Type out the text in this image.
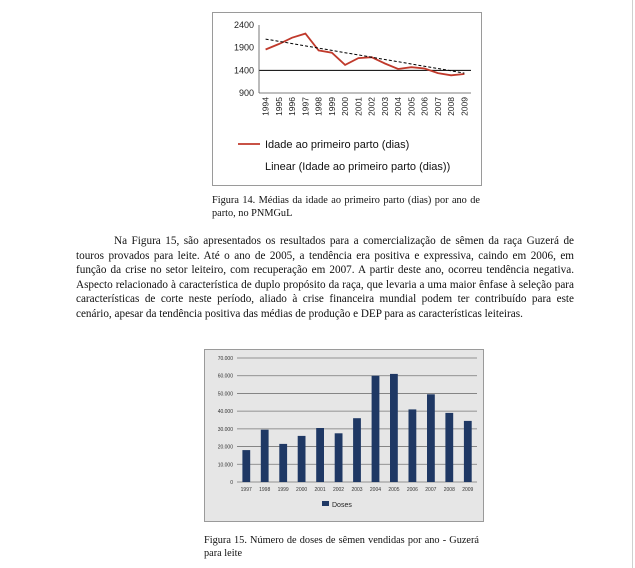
2400
1900
1400
900
1994 1995 1996 1997 1998 1999 2000 2001 2002 2003 2004 2005 2006 2007 2008 2009
Idade ao primeiro parto (dias)
Linear (Idade ao primeiro parto (dias))
Figura 14. Médias da idade ao primeiro parto (dias) por ano de parto, no PNMGuL

Na Figura 15, são apresentados os resultados para a comercialização de sêmen da raça Guzerá de touros provados para leite. Até o ano de 2005, a tendência era positiva e expressiva, caindo em 2006, em função da crise no setor leiteiro, com recuperação em 2007. A partir deste ano, ocorreu tendência negativa. Aspecto relacionado à característica de duplo propósito da raça, que levaria a uma maior ênfase à seleção para características de corte neste período, aliado à crise financeira mundial podem ter contribuído para este cenário, apesar da tendência positiva das médias de produção e DEP para as características leiteiras.

70.000
60.000
50.000
40.000
30.000
20.000
10.000
0
1997 1998 1999 2000 2001 2002 2003 2004 2005 2006 2007 2008 2009
Doses
Figura 15. Número de doses de sêmen vendidas por ano - Guzerá para leite
